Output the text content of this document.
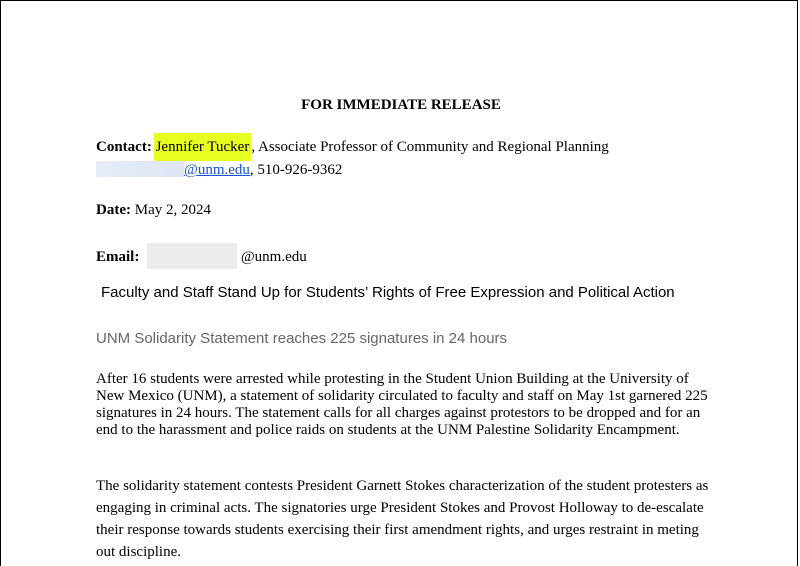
FOR IMMEDIATE RELEASE
Contact: Jennifer Tucker , Associate Professor of Community and Regional Planning
@unm.edu, 510-926-9362
Date: May 2, 2024
Email:	@unm.edu
Faculty and Staff Stand Up for Students’ Rights of Free Expression and Political Action
UNM Solidarity Statement reaches 225 signatures in 24 hours

After 16 students were arrested while protesting in the Student Union Building at the University of New Mexico (UNM), a statement of solidarity circulated to faculty and staff on May 1st garnered 225 signatures in 24 hours. The statement calls for all charges against protestors to be dropped and for an end to the harassment and police raids on students at the UNM Palestine Solidarity Encampment.

The solidarity statement contests President Garnett Stokes characterization of the student protesters as engaging in criminal acts. The signatories urge President Stokes and Provost Holloway to de-escalate their response towards students exercising their first amendment rights, and urges restraint in meting out discipline.
